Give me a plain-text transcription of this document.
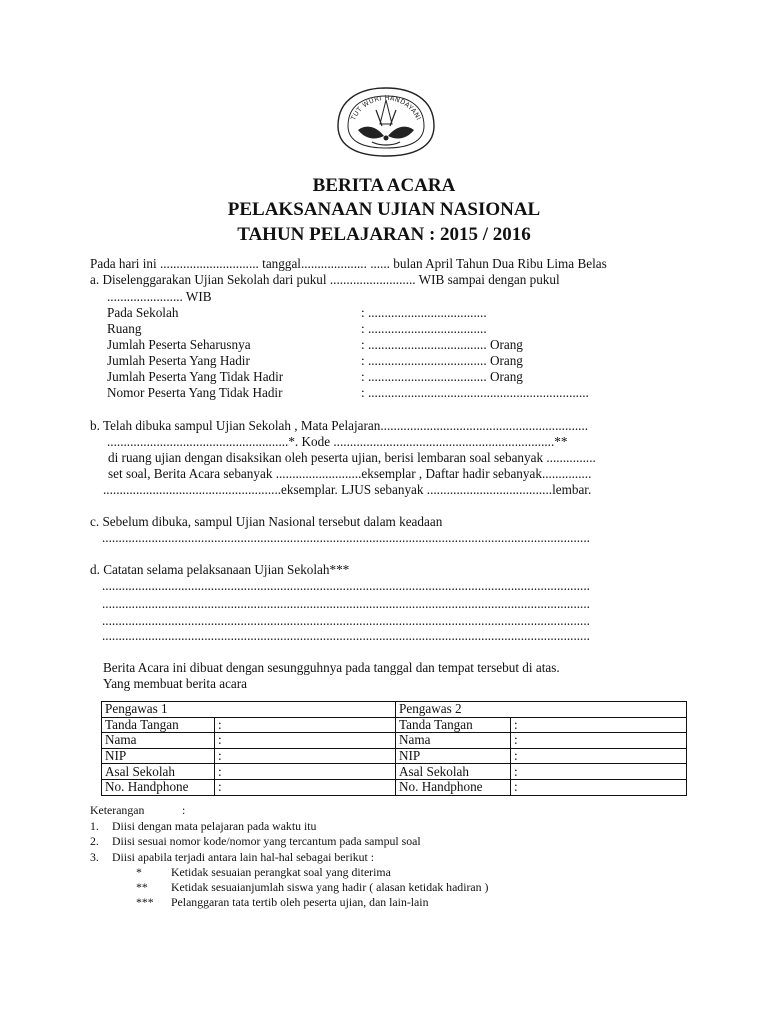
TUT WURI HANDAYANI
BERITA ACARA
PELAKSANAAN UJIAN NASIONAL
TAHUN PELAJARAN : 2015 / 2016
Pada hari ini .............................. tanggal.................... ...... bulan April Tahun Dua Ribu Lima Belas
a. Diselenggarakan Ujian Sekolah dari pukul .......................... WIB sampai dengan pukul
....................... WIB
Pada Sekolah	: ....................................
Ruang	: ....................................
Jumlah Peserta Seharusnya	: .................................... Orang
Jumlah Peserta Yang Hadir	: .................................... Orang
Jumlah Peserta Yang Tidak Hadir	: .................................... Orang
Nomor Peserta Yang Tidak Hadir	: ...................................................................
b. Telah dibuka sampul Ujian Sekolah , Mata Pelajaran...............................................................
.......................................................*. Kode ...................................................................**
di ruang ujian dengan disaksikan oleh peserta ujian, berisi lembaran soal sebanyak ...............
set soal, Berita Acara sebanyak ..........................eksemplar , Daftar hadir sebanyak...............
......................................................eksemplar. LJUS sebanyak ......................................lembar.
c. Sebelum dibuka, sampul Ujian Nasional tersebut dalam keadaan
....................................................................................................................................................
d. Catatan selama pelaksanaan Ujian Sekolah***
....................................................................................................................................................
....................................................................................................................................................
....................................................................................................................................................
....................................................................................................................................................
Berita Acara ini dibuat dengan sesungguhnya pada tanggal dan tempat tersebut di atas.
Yang membuat berita acara
Pengawas 1		Pengawas 2	
Tanda Tangan	:	Tanda Tangan	:
Nama	:	Nama	:
NIP	:	NIP	:
Asal Sekolah	:	Asal Sekolah	:
No. Handphone	:	No. Handphone	:
Keterangan	:
1. Diisi dengan mata pelajaran pada waktu itu
2. Diisi sesuai nomor kode/nomor yang tercantum pada sampul soal
3. Diisi apabila terjadi antara lain hal-hal sebagai berikut :
* Ketidak sesuaian perangkat soal yang diterima
** Ketidak sesuaianjumlah siswa yang hadir ( alasan ketidak hadiran )
*** Pelanggaran tata tertib oleh peserta ujian, dan lain-lain
